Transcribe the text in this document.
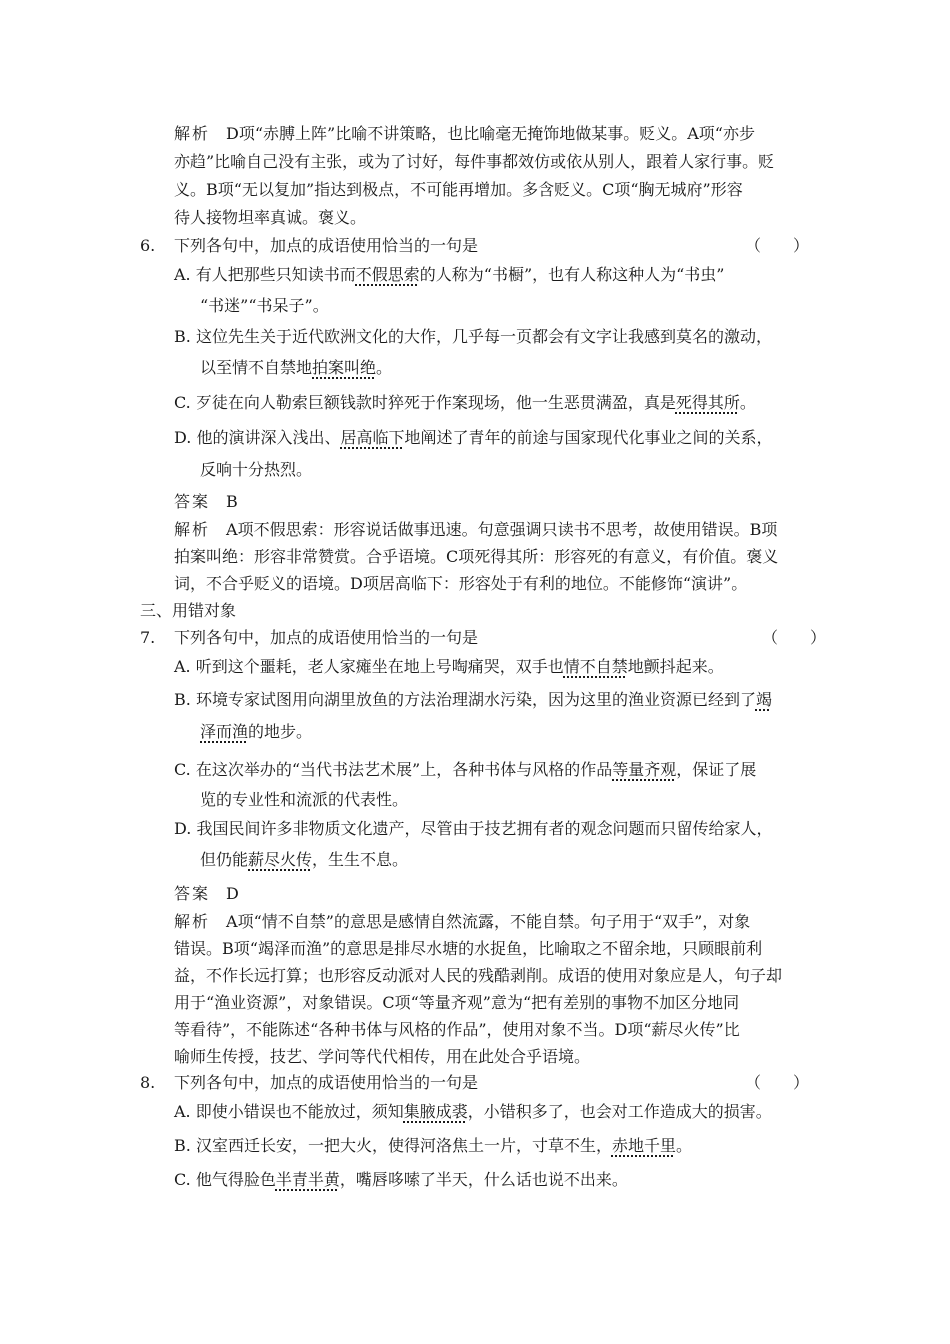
解析　 D项“赤膊上阵”比喻不讲策略，也比喻毫无掩饰地做某事。贬义。A项“亦步
亦趋”比喻自己没有主张，或为了讨好，每件事都效仿或依从别人，跟着人家行事。贬
义。B项“无以复加”指达到极点，不可能再增加。多含贬义。C项“胸无城府”形容
待人接物坦率真诚。褒义。
6. 下列各句中，加点的成语使用恰当的一句是	（　　）
A. 有人把那些只知读书而不假思索的人称为“书橱”，也有人称这种人为“书虫”
“书迷”“书呆子”。
B. 这位先生关于近代欧洲文化的大作，几乎每一页都会有文字让我感到莫名的激动，
以至情不自禁地拍案叫绝。
C. 歹徒在向人勒索巨额钱款时猝死于作案现场，他一生恶贯满盈，真是死得其所。
D. 他的演讲深入浅出、居高临下地阐述了青年的前途与国家现代化事业之间的关系，
反响十分热烈。
答案　 B
解析　 A项不假思索：形容说话做事迅速。句意强调只读书不思考，故使用错误。B项
拍案叫绝：形容非常赞赏。合乎语境。C项死得其所：形容死的有意义，有价值。褒义
词，不合乎贬义的语境。D项居高临下：形容处于有利的地位。不能修饰“演讲”。
三、用错对象
7. 下列各句中，加点的成语使用恰当的一句是	（　　）
A. 听到这个噩耗，老人家瘫坐在地上号啕痛哭，双手也情不自禁地颤抖起来。
B. 环境专家试图用向湖里放鱼的方法治理湖水污染，因为这里的渔业资源已经到了竭
泽而渔的地步。
C. 在这次举办的“当代书法艺术展”上，各种书体与风格的作品等量齐观，保证了展
览的专业性和流派的代表性。
D. 我国民间许多非物质文化遗产，尽管由于技艺拥有者的观念问题而只留传给家人，
但仍能薪尽火传，生生不息。
答案　 D
解析　 A项“情不自禁”的意思是感情自然流露，不能自禁。句子用于“双手”，对象
错误。B项“竭泽而渔”的意思是排尽水塘的水捉鱼，比喻取之不留余地，只顾眼前利
益，不作长远打算；也形容反动派对人民的残酷剥削。成语的使用对象应是人，句子却
用于“渔业资源”，对象错误。C项“等量齐观”意为“把有差别的事物不加区分地同
等看待”，不能陈述“各种书体与风格的作品”，使用对象不当。D项“薪尽火传”比
喻师生传授，技艺、学问等代代相传，用在此处合乎语境。
8. 下列各句中，加点的成语使用恰当的一句是	（　　）
A. 即使小错误也不能放过，须知集腋成裘，小错积多了，也会对工作造成大的损害。
B. 汉室西迁长安，一把大火，使得河洛焦土一片，寸草不生，赤地千里。
C. 他气得脸色半青半黄，嘴唇哆嗦了半天，什么话也说不出来。
